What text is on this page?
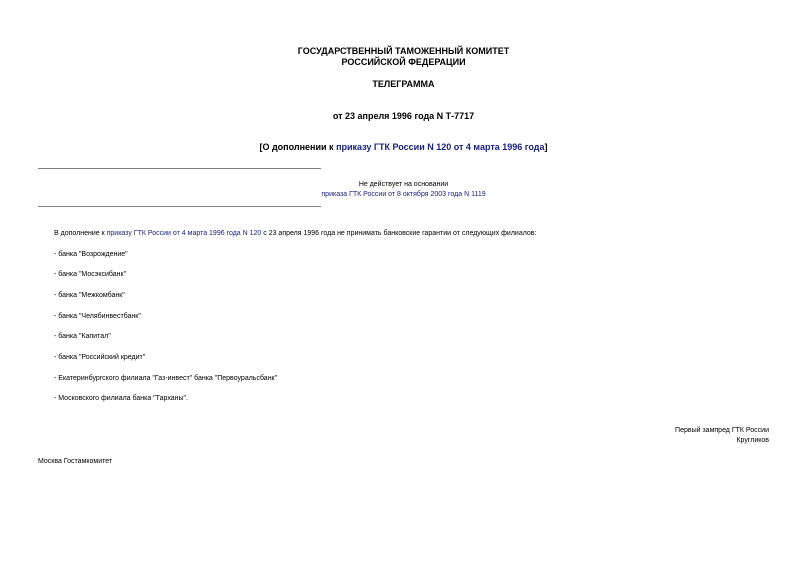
ГОСУДАРСТВЕННЫЙ ТАМОЖЕННЫЙ КОМИТЕТ
РОССИЙСКОЙ ФЕДЕРАЦИИ
ТЕЛЕГРАММА
от 23 апреля 1996 года N Т-7717
[О дополнении к приказу ГТК России N 120 от 4 марта 1996 года]
Не действует на основании
приказа ГТК России от 8 октября 2003 года N 1119
В дополнение к приказу ГТК России от 4 марта 1996 года N 120 с 23 апреля 1996 года не принимать банковские гарантии от следующих филиалов:
- банка "Возрождение"
- банка "Мосэксибанк"
- банка "Межкомбанк"
- банка "Челябинвестбанк"
- банка "Капитал"
- банка "Российский кредит"
- Екатеринбургского филиала "Газ-инвест" банка "Первоуральсбанк"
- Московского филиала банка "Тарханы".
Первый зампред ГТК России
Кругликов
Москва Гостамкомитет
